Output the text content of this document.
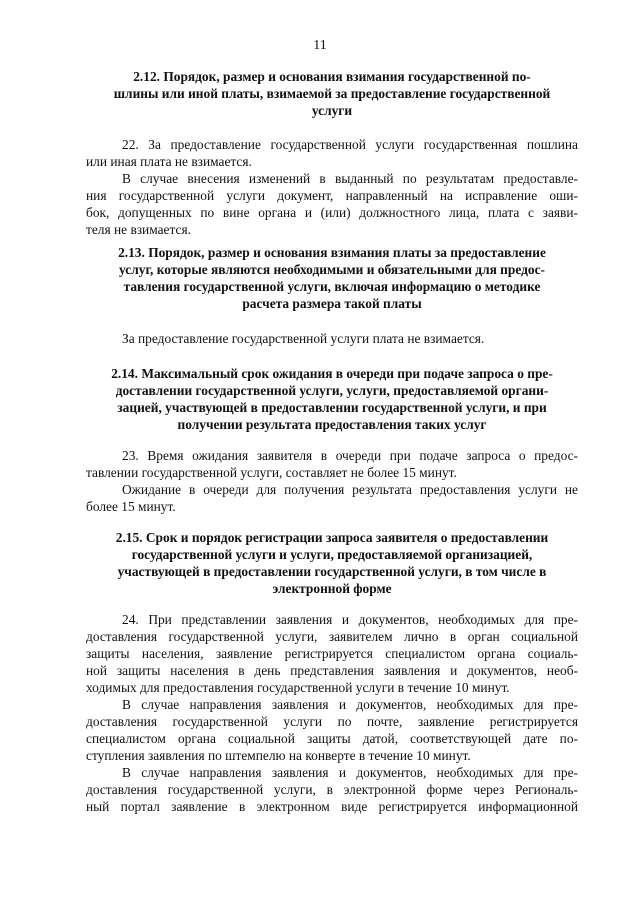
11
2.12. Порядок, размер и основания взимания государственной по-
шлины или иной платы, взимаемой за предоставление государственной
услуги
22. За предоставление государственной услуги государственная пошлина
или иная плата не взимается.
В случае внесения изменений в выданный по результатам предоставле-
ния государственной услуги документ, направленный на исправление оши-
бок, допущенных по вине органа и (или) должностного лица, плата с заяви-
теля не взимается.
2.13. Порядок, размер и основания взимания платы за предоставление
услуг, которые являются необходимыми и обязательными для предос-
тавления государственной услуги, включая информацию о методике
расчета размера такой платы
За предоставление государственной услуги плата не взимается.
2.14. Максимальный срок ожидания в очереди при подаче запроса о пре-
доставлении государственной услуги, услуги, предоставляемой органи-
зацией, участвующей в предоставлении государственной услуги, и при
получении результата предоставления таких услуг
23. Время ожидания заявителя в очереди при подаче запроса о предос-
тавлении государственной услуги, составляет не более 15 минут.
Ожидание в очереди для получения результата предоставления услуги не
более 15 минут.
2.15. Срок и порядок регистрации запроса заявителя о предоставлении
государственной услуги и услуги, предоставляемой организацией,
участвующей в предоставлении государственной услуги, в том числе в
электронной форме
24. При представлении заявления и документов, необходимых для пре-
доставления государственной услуги, заявителем лично в орган социальной
защиты населения, заявление регистрируется специалистом органа социаль-
ной защиты населения в день представления заявления и документов, необ-
ходимых для предоставления государственной услуги в течение 10 минут.
В случае направления заявления и документов, необходимых для пре-
доставления государственной услуги по почте, заявление регистрируется
специалистом органа социальной защиты датой, соответствующей дате по-
ступления заявления по штемпелю на конверте в течение 10 минут.
В случае направления заявления и документов, необходимых для пре-
доставления государственной услуги, в электронной форме через Региональ-
ный портал заявление в электронном виде регистрируется информационной
